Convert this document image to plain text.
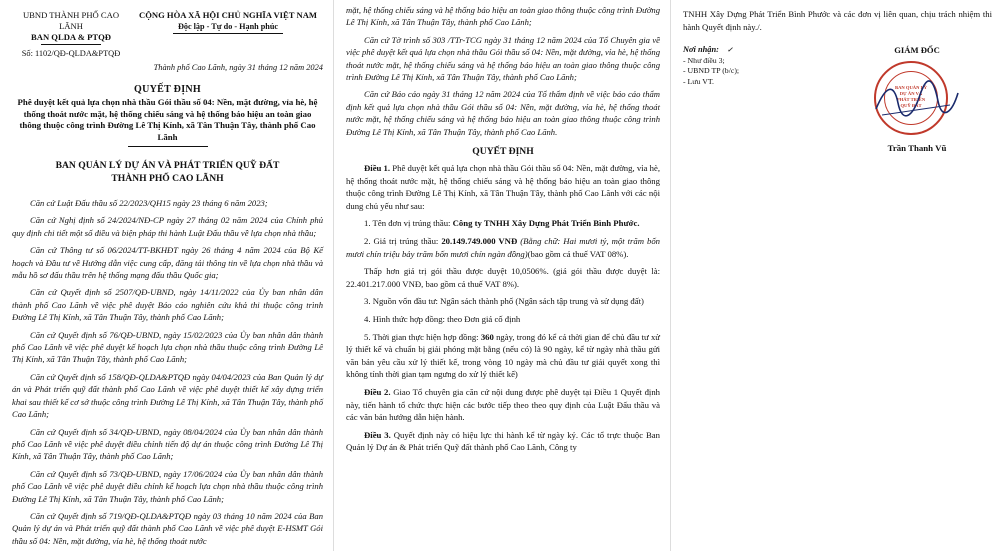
UBND THÀNH PHỐ CAO LÃNH

BAN QLDA & PTQĐ

Số: 1102/QĐ-QLDA&PTQĐ

CỘNG HÒA XÃ HỘI CHỦ NGHĨA VIỆT NAM

Độc lập - Tự do - Hạnh phúc

Thành phố Cao Lãnh, ngày 31 tháng 12 năm 2024

QUYẾT ĐỊNH

Phê duyệt kết quả lựa chọn nhà thầu Gói thầu số 04: Nền, mặt đường, vỉa hè, hệ thống thoát nước mặt, hệ thống chiếu sáng và hệ thống báo hiệu an toàn giao thông thuộc công trình Đường Lê Thị Kính, xã Tân Thuận Tây, thành phố Cao Lãnh

BAN QUẢN LÝ DỰ ÁN VÀ PHÁT TRIỂN QUỸ ĐẤT
THÀNH PHỐ CAO LÃNH

Căn cứ Luật Đấu thầu số 22/2023/QH15 ngày 23 tháng 6 năm 2023;

Căn cứ Nghị định số 24/2024/NĐ-CP ngày 27 tháng 02 năm 2024 của Chính phủ quy định chi tiết một số điều và biện pháp thi hành Luật Đấu thầu về lựa chọn nhà thầu;

Căn cứ Thông tư số 06/2024/TT-BKHĐT ngày 26 tháng 4 năm 2024 của Bộ Kế hoạch và Đầu tư về Hướng dẫn việc cung cấp, đăng tải thông tin về lựa chọn nhà thầu và mẫu hồ sơ đấu thầu trên hệ thống mạng đấu thầu Quốc gia;

Căn cứ Quyết định số 2507/QĐ-UBND, ngày 14/11/2022 của Ủy ban nhân dân thành phố Cao Lãnh về việc phê duyệt Báo cáo nghiên cứu khả thi thuộc công trình Đường Lê Thị Kính, xã Tân Thuận Tây, thành phố Cao Lãnh;

Căn cứ Quyết định số 76/QĐ-UBND, ngày 15/02/2023 của Ủy ban nhân dân thành phố Cao Lãnh về việc phê duyệt kế hoạch lựa chọn nhà thầu thuộc công trình Đường Lê Thị Kính, xã Tân Thuận Tây, thành phố Cao Lãnh;

Căn cứ Quyết định số 158/QĐ-QLDA&PTQĐ ngày 04/04/2023 của Ban Quản lý dự án và Phát triển quỹ đất thành phố Cao Lãnh về việc phê duyệt thiết kế xây dựng triển khai sau thiết kế cơ sở thuộc công trình Đường Lê Thị Kính, xã Tân Thuận Tây, thành phố Cao Lãnh;

Căn cứ Quyết định số 34/QĐ-UBND, ngày 08/04/2024 của Ủy ban nhân dân thành phố Cao Lãnh về việc phê duyệt điều chỉnh tiến độ dự án thuộc công trình Đường Lê Thị Kính, xã Tân Thuận Tây, thành phố Cao Lãnh;

Căn cứ Quyết định số 73/QĐ-UBND, ngày 17/06/2024 của Ủy ban nhân dân thành phố Cao Lãnh về việc phê duyệt điều chỉnh kế hoạch lựa chọn nhà thầu thuộc công trình Đường Lê Thị Kính, xã Tân Thuận Tây, thành phố Cao Lãnh;

Căn cứ Quyết định số 719/QĐ-QLDA&PTQĐ ngày 03 tháng 10 năm 2024 của Ban Quản lý dự án và Phát triển quỹ đất thành phố Cao Lãnh về việc phê duyệt E-HSMT Gói thầu số 04: Nền, mặt đường, vỉa hè, hệ thống thoát nước

mặt, hệ thống chiếu sáng và hệ thống báo hiệu an toàn giao thông thuộc công trình Đường Lê Thị Kính, xã Tân Thuận Tây, thành phố Cao Lãnh;

Căn cứ Tờ trình số 303 /TTr-TCG ngày 31 tháng 12 năm 2024 của Tổ Chuyên gia về việc phê duyệt kết quả lựa chọn nhà thầu Gói thầu số 04: Nền, mặt đường, vỉa hè, hệ thống thoát nước mặt, hệ thống chiếu sáng và hệ thống báo hiệu an toàn giao thông thuộc công trình Đường Lê Thị Kính, xã Tân Thuận Tây, thành phố Cao Lãnh;

Căn cứ Báo cáo ngày 31 tháng 12 năm 2024 của Tổ thẩm định về việc báo cáo thẩm định kết quả lựa chọn nhà thầu Gói thầu số 04: Nền, mặt đường, vỉa hè, hệ thống thoát nước mặt, hệ thống chiếu sáng và hệ thống báo hiệu an toàn giao thông thuộc công trình Đường Lê Thị Kính, xã Tân Thuận Tây, thành phố Cao Lãnh.

QUYẾT ĐỊNH

Điều 1. Phê duyệt kết quả lựa chọn nhà thầu Gói thầu số 04: Nền, mặt đường, vỉa hè, hệ thống thoát nước mặt, hệ thống chiếu sáng và hệ thống báo hiệu an toàn giao thông thuộc công trình Đường Lê Thị Kính, xã Tân Thuận Tây, thành phố Cao Lãnh với các nội dung chủ yếu như sau:

1. Tên đơn vị trúng thầu: Công ty TNHH Xây Dựng Phát Triển Bình Phước.

2. Giá trị trúng thầu: 20.149.749.000 VNĐ (Bằng chữ: Hai mươi tỷ, một trăm bốn mươi chín triệu bảy trăm bốn mươi chín ngàn đồng)(bao gồm cả thuế VAT 08%).

Thấp hơn giá trị gói thầu được duyệt 10,0506%. (giá gói thầu được duyệt là: 22.401.217.000 VNĐ, bao gồm cả thuế VAT 8%).

3. Nguồn vốn đầu tư: Ngân sách thành phố (Ngân sách tập trung và sử dụng đất)

4. Hình thức hợp đồng: theo Đơn giá cố định

5. Thời gian thực hiện hợp đồng: 360 ngày, trong đó kể cả thời gian để chủ đầu tư xử lý thiết kế và chuẩn bị giải phóng mặt bằng (nếu có) là 90 ngày, kể từ ngày nhà thầu gửi văn bản yêu cầu xử lý thiết kế, trong vòng 10 ngày mà chủ đầu tư giải quyết xong thì không tính thời gian tạm ngưng do xử lý thiết kế)

Điều 2. Giao Tổ chuyên gia căn cứ nội dung được phê duyệt tại Điều 1 Quyết định này, tiến hành tổ chức thực hiện các bước tiếp theo theo quy định của Luật Đấu thầu và các văn bản hướng dẫn hiện hành.

Điều 3. Quyết định này có hiệu lực thi hành kể từ ngày ký. Các tổ trực thuộc Ban Quản lý Dự án & Phát triển Quỹ đất thành phố Cao Lãnh, Công ty

TNHH Xây Dựng Phát Triển Bình Phước và các đơn vị liên quan, chịu trách nhiệm thi hành Quyết định này./.

Nơi nhận: ✓

- Như điều 3;

- UBND TP (b/c);

- Lưu VT.

GIÁM ĐỐC

BAN QUẢN LÝ DỰ ÁN VÀ PHÁT TRIỂN QUỸ ĐẤT

Trần Thanh Vũ
